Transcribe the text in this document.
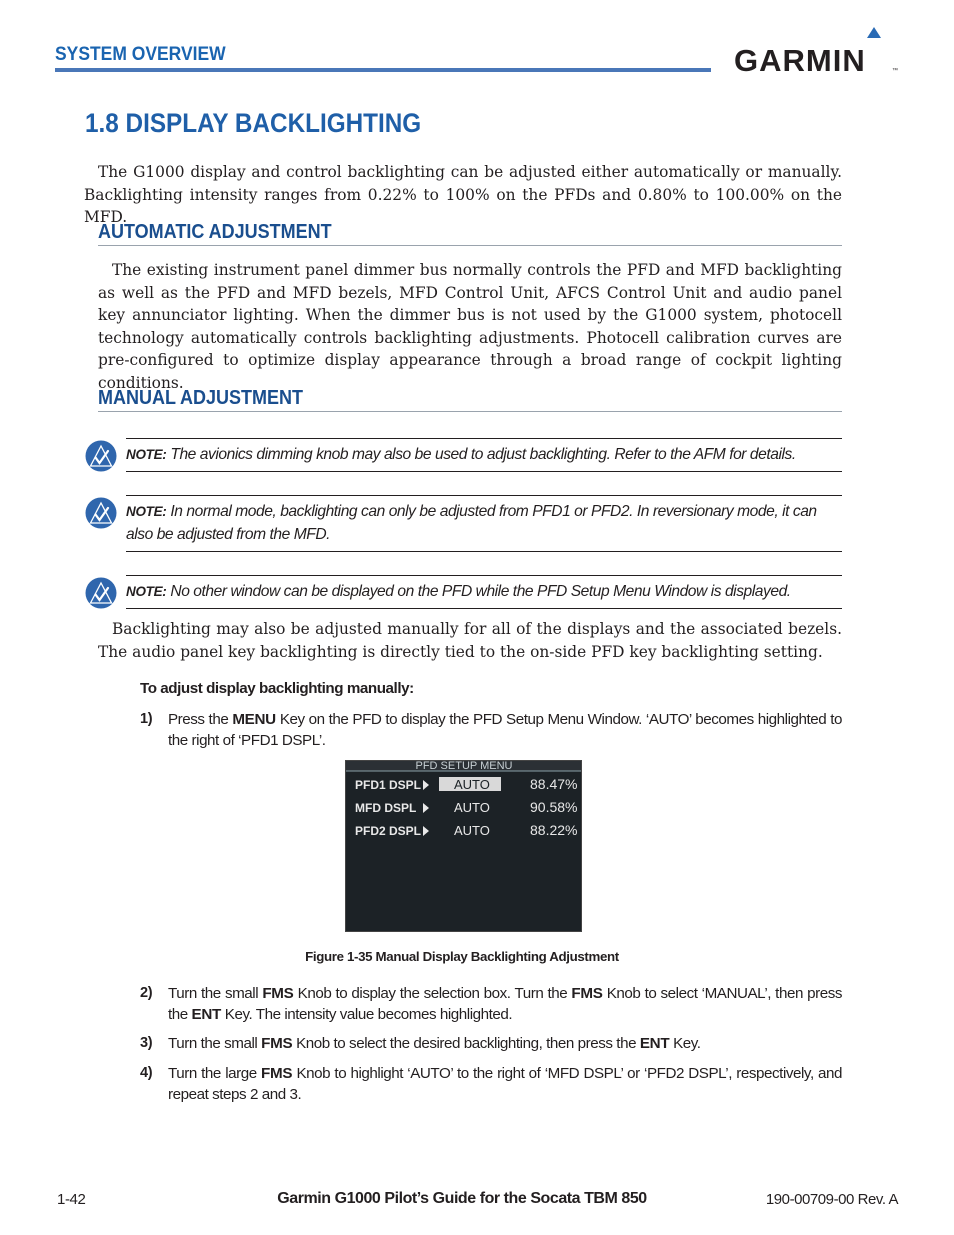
SYSTEM OVERVIEW	GARMIN	™
1.8 DISPLAY BACKLIGHTING
The G1000 display and control backlighting can be adjusted either automatically or manually. Backlighting intensity ranges from 0.22% to 100% on the PFDs and 0.80% to 100.00% on the MFD.
AUTOMATIC ADJUSTMENT
The existing instrument panel dimmer bus normally controls the PFD and MFD backlighting as well as the PFD and MFD bezels, MFD Control Unit, AFCS Control Unit and audio panel key annunciator lighting. When the dimmer bus is not used by the G1000 system, photocell technology automatically controls backlighting adjustments. Photocell calibration curves are pre-configured to optimize display appearance through a broad range of cockpit lighting conditions.
MANUAL ADJUSTMENT
NOTE: The avionics dimming knob may also be used to adjust backlighting. Refer to the AFM for details.
NOTE: In normal mode, backlighting can only be adjusted from PFD1 or PFD2. In reversionary mode, it can also be adjusted from the MFD.
NOTE: No other window can be displayed on the PFD while the PFD Setup Menu Window is displayed.
Backlighting may also be adjusted manually for all of the displays and the associated bezels. The audio panel key backlighting is directly tied to the on-side PFD key backlighting setting.
To adjust display backlighting manually:
1) Press the MENU Key on the PFD to display the PFD Setup Menu Window. ‘AUTO’ becomes highlighted to the right of ‘PFD1 DSPL’.
PFD SETUP MENU
PFD1 DSPL	AUTO	88.47%
MFD DSPL	AUTO	90.58%
PFD2 DSPL	AUTO	88.22%
Figure 1-35 Manual Display Backlighting Adjustment
2) Turn the small FMS Knob to display the selection box. Turn the FMS Knob to select ‘MANUAL’, then press the ENT Key. The intensity value becomes highlighted.
3) Turn the small FMS Knob to select the desired backlighting, then press the ENT Key.
4) Turn the large FMS Knob to highlight ‘AUTO’ to the right of ‘MFD DSPL’ or ‘PFD2 DSPL’, respectively, and repeat steps 2 and 3.
1-42	Garmin G1000 Pilot’s Guide for the Socata TBM 850	190-00709-00 Rev. A
